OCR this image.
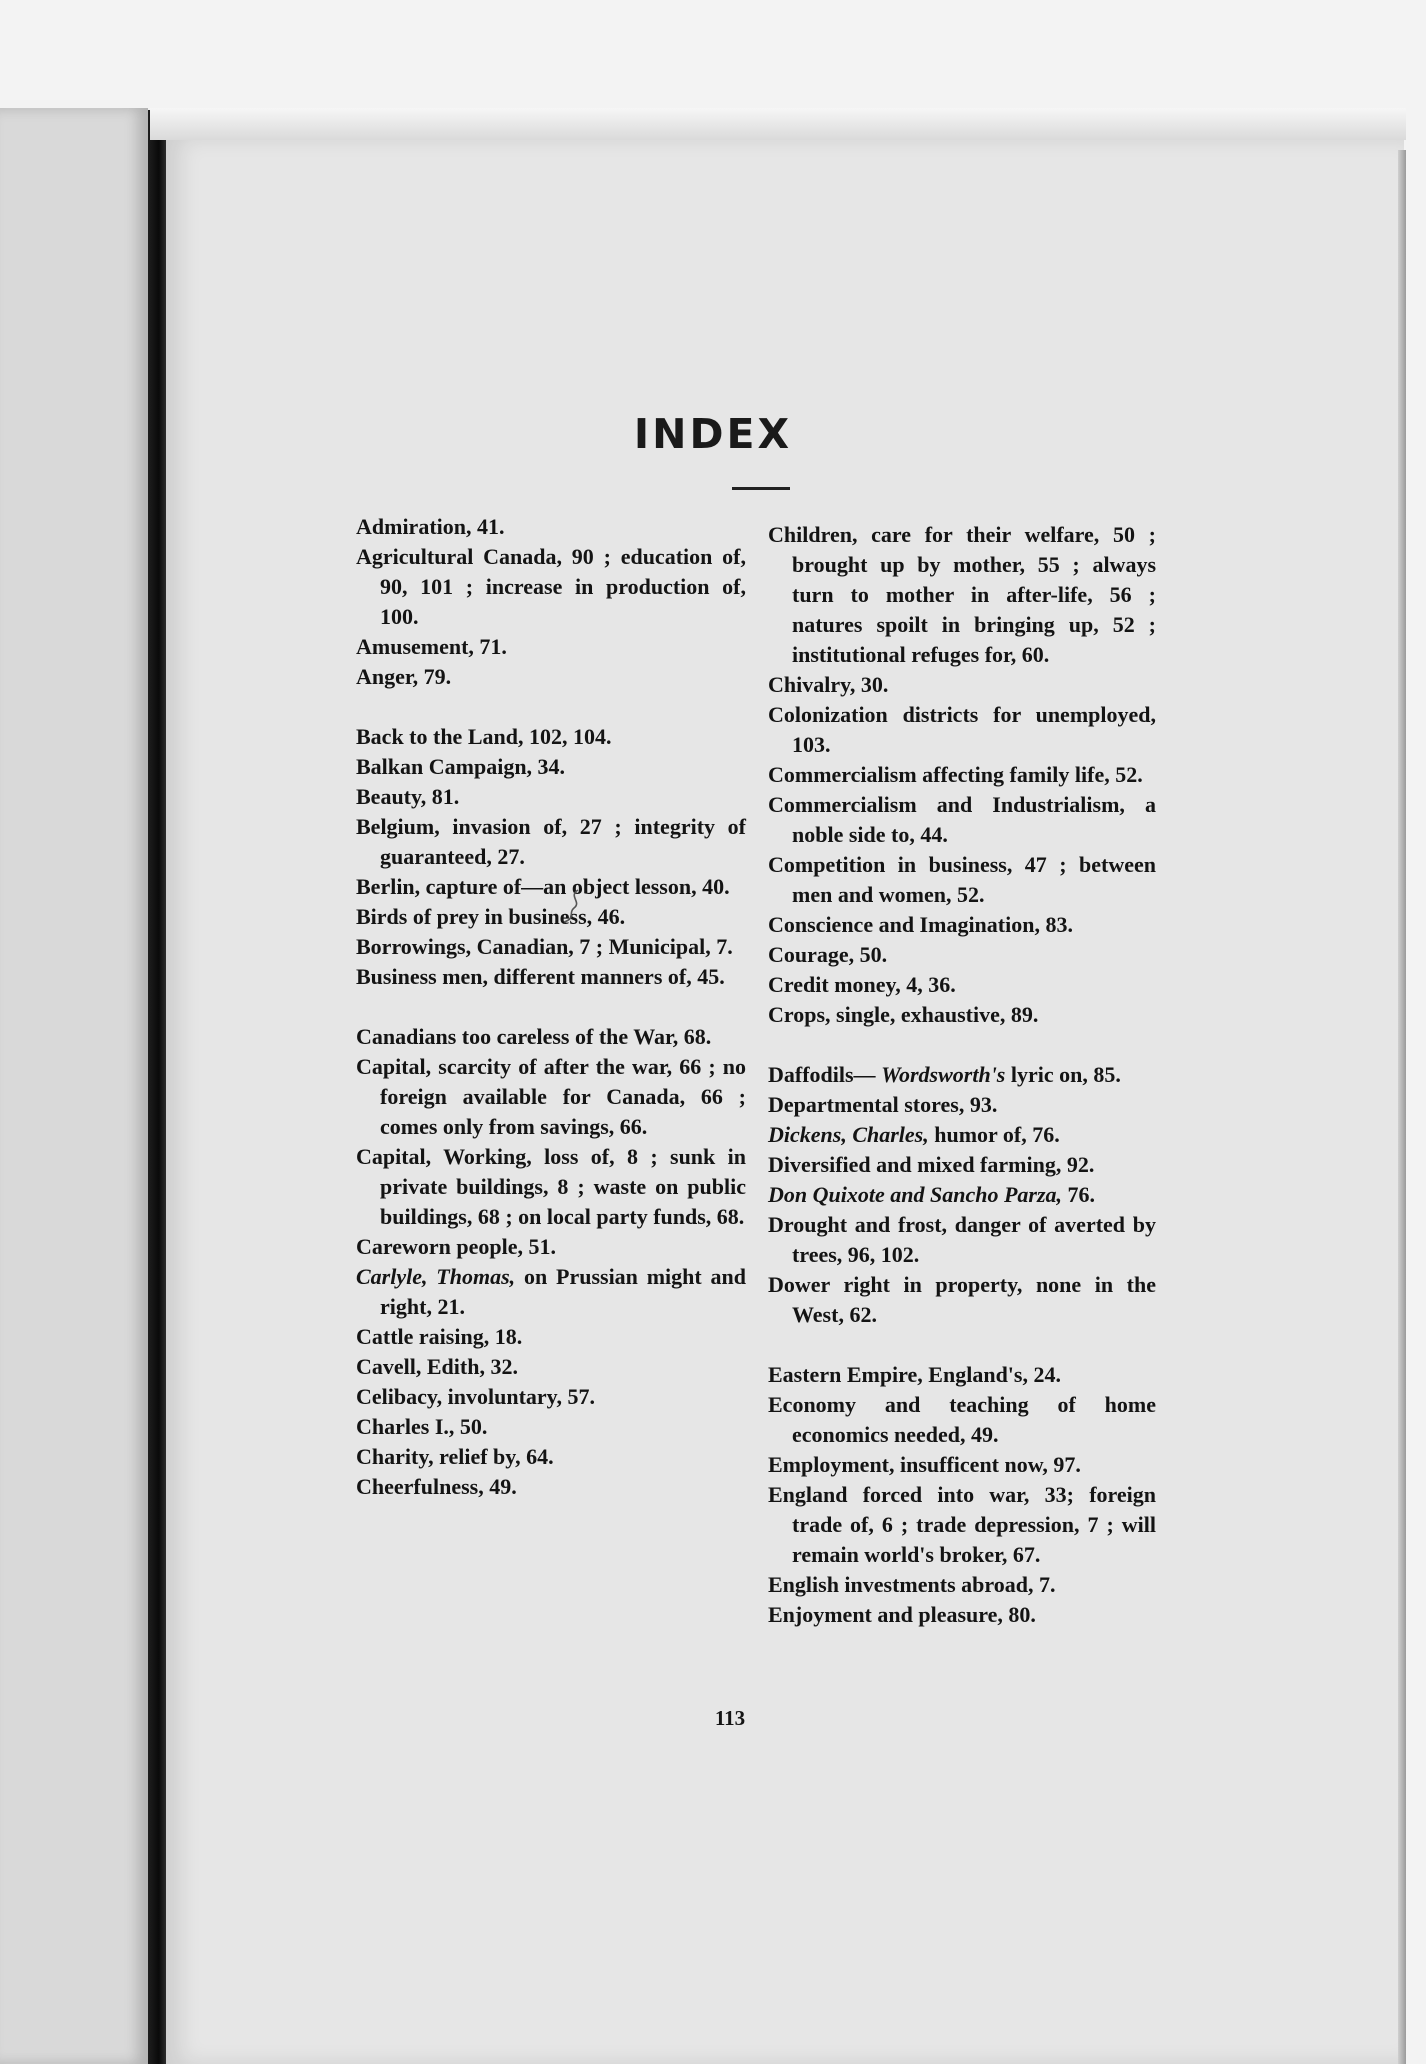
INDEX

Admiration, 41.

Agricultural Canada, 90 ; education of, 90, 101 ; increase in production of, 100.

Amusement, 71.

Anger, 79.

Back to the Land, 102, 104.

Balkan Campaign, 34.

Beauty, 81.

Belgium, invasion of, 27 ; integrity of guaranteed, 27.

Berlin, capture of—an object lesson, 40.

Birds of prey in business, 46.

Borrowings, Canadian, 7 ; Municipal, 7.

Business men, different manners of, 45.

Canadians too careless of the War, 68.

Capital, scarcity of after the war, 66 ; no foreign available for Canada, 66 ; comes only from savings, 66.

Capital, Working, loss of, 8 ; sunk in private buildings, 8 ; waste on public buildings, 68 ; on local party funds, 68.

Careworn people, 51.

Carlyle, Thomas, on Prussian might and right, 21.

Cattle raising, 18.

Cavell, Edith, 32.

Celibacy, involuntary, 57.

Charles I., 50.

Charity, relief by, 64.

Cheerfulness, 49.

Children, care for their welfare, 50 ; brought up by mother, 55 ; always turn to mother in after-life, 56 ; natures spoilt in bringing up, 52 ; institutional refuges for, 60.

Chivalry, 30.

Colonization districts for unemployed, 103.

Commercialism affecting family life, 52.

Commercialism and Industrialism, a noble side to, 44.

Competition in business, 47 ; between men and women, 52.

Conscience and Imagination, 83.

Courage, 50.

Credit money, 4, 36.

Crops, single, exhaustive, 89.

Daffodils— Wordsworth's lyric on, 85.

Departmental stores, 93.

Dickens, Charles, humor of, 76.

Diversified and mixed farming, 92.

Don Quixote and Sancho Parza, 76.

Drought and frost, danger of averted by trees, 96, 102.

Dower right in property, none in the West, 62.

Eastern Empire, England's, 24.

Economy and teaching of home economics needed, 49.

Employment, insufficent now, 97.

England forced into war, 33; foreign trade of, 6 ; trade depression, 7 ; will remain world's broker, 67.

English investments abroad, 7.

Enjoyment and pleasure, 80.

113
